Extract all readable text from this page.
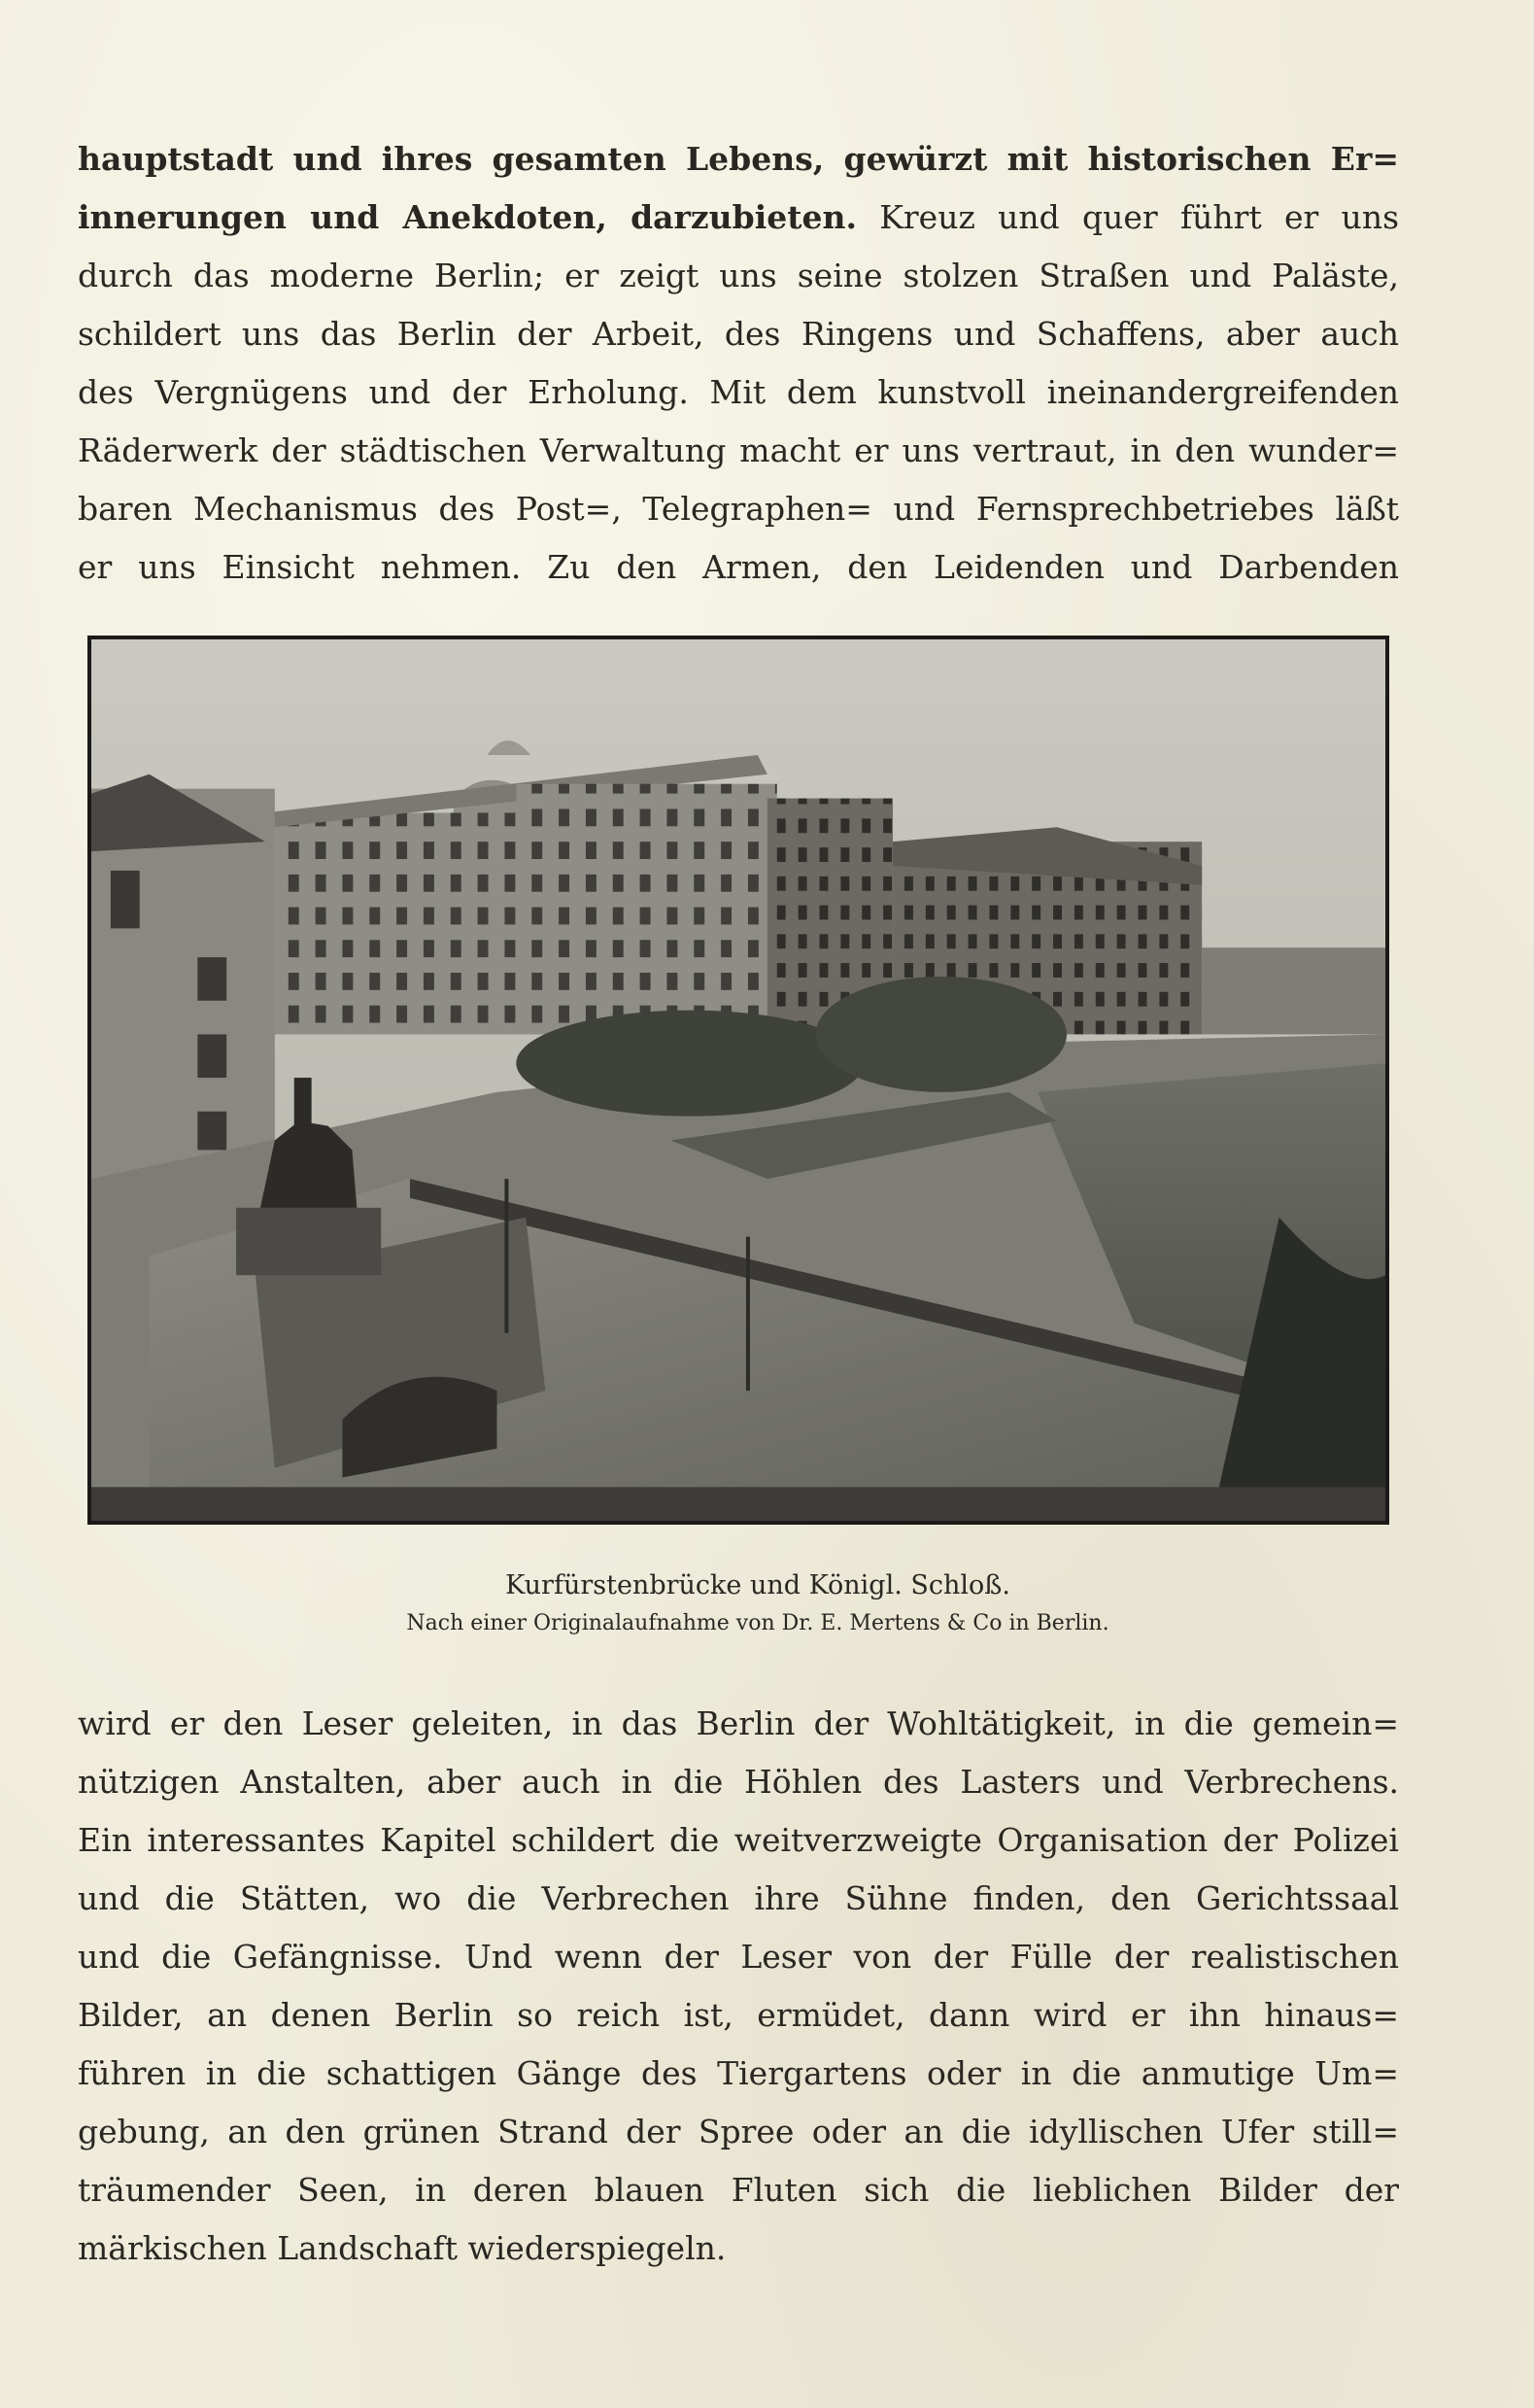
hauptstadt und ihres gesamten Lebens, gewürzt mit historischen Er=
innerungen und Anekdoten, darzubieten. Kreuz und quer führt er uns
durch das moderne Berlin; er zeigt uns seine stolzen Straßen und Paläste,
schildert uns das Berlin der Arbeit, des Ringens und Schaffens, aber auch
des Vergnügens und der Erholung. Mit dem kunstvoll ineinandergreifenden
Räderwerk der städtischen Verwaltung macht er uns vertraut, in den wunder=
baren Mechanismus des Post=, Telegraphen= und Fernsprechbetriebes läßt
er uns Einsicht nehmen. Zu den Armen, den Leidenden und Darbenden
Kurfürstenbrücke und Königl. Schloß.
Nach einer Originalaufnahme von Dr. E. Mertens & Co in Berlin.
wird er den Leser geleiten, in das Berlin der Wohltätigkeit, in die gemein=
nützigen Anstalten, aber auch in die Höhlen des Lasters und Verbrechens.
Ein interessantes Kapitel schildert die weitverzweigte Organisation der Polizei
und die Stätten, wo die Verbrechen ihre Sühne finden, den Gerichtssaal
und die Gefängnisse. Und wenn der Leser von der Fülle der realistischen
Bilder, an denen Berlin so reich ist, ermüdet, dann wird er ihn hinaus=
führen in die schattigen Gänge des Tiergartens oder in die anmutige Um=
gebung, an den grünen Strand der Spree oder an die idyllischen Ufer still=
träumender Seen, in deren blauen Fluten sich die lieblichen Bilder der
märkischen Landschaft wiederspiegeln.
